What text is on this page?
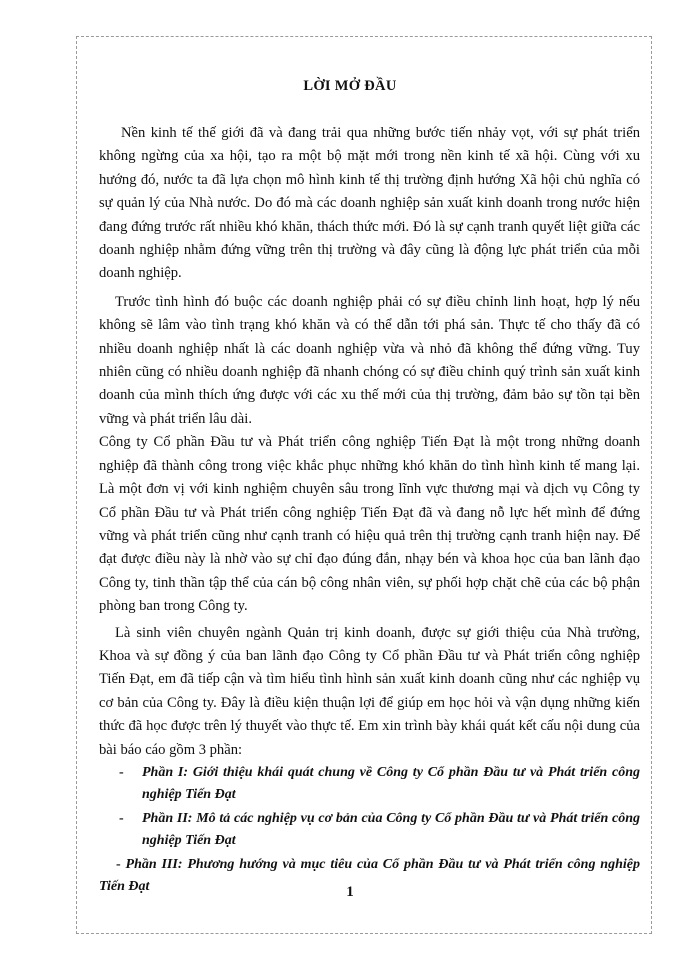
LỜI MỞ ĐẦU

Nền kinh tế thế giới đã và đang trải qua những bước tiến nhảy vọt, với sự phát triển không ngừng của xa hội, tạo ra một bộ mặt mới trong nền kinh tế xã hội. Cùng với xu hướng đó, nước ta đã lựa chọn mô hình kinh tế thị trường định hướng Xã hội chủ nghĩa có sự quản lý của Nhà nước. Do đó mà các doanh nghiệp sản xuất kinh doanh trong nước hiện đang đứng trước rất nhiều khó khăn, thách thức mới. Đó là sự cạnh tranh quyết liệt giữa các doanh nghiệp nhằm đứng vững trên thị trường và đây cũng là động lực phát triển của mỗi doanh nghiệp.

Trước tình hình đó buộc các doanh nghiệp phải có sự điều chỉnh linh hoạt, hợp lý nếu không sẽ lâm vào tình trạng khó khăn và có thể dẫn tới phá sản. Thực tế cho thấy đã có nhiều doanh nghiệp nhất là các doanh nghiệp vừa và nhỏ đã không thể đứng vững. Tuy nhiên cũng có nhiều doanh nghiệp đã nhanh chóng có sự điều chỉnh quý trình sản xuất kinh doanh của mình thích ứng được với các xu thế mới của thị trường, đảm bảo sự tồn tại bền vững và phát triển lâu dài.

Công ty Cổ phần Đầu tư và Phát triển công nghiệp Tiến Đạt là một trong những doanh nghiệp đã thành công trong việc khắc phục những khó khăn do tình hình kinh tế mang lại. Là một đơn vị với kinh nghiệm chuyên sâu trong lĩnh vực thương mại và dịch vụ Công ty Cổ phần Đầu tư và Phát triển công nghiệp Tiến Đạt đã và đang nỗ lực hết mình để đứng vững và phát triển cũng như cạnh tranh có hiệu quả trên thị trường cạnh tranh hiện nay. Để đạt được điều này là nhờ vào sự chỉ đạo đúng đắn, nhạy bén và khoa học của ban lãnh đạo Công ty, tinh thần tập thể của cán bộ công nhân viên, sự phối hợp chặt chẽ của các bộ phận phòng ban trong Công ty.

Là sinh viên chuyên ngành Quản trị kinh doanh, được sự giới thiệu của Nhà trường, Khoa và sự đồng ý của ban lãnh đạo Công ty Cổ phần Đầu tư và Phát triển công nghiệp Tiến Đạt, em đã tiếp cận và tìm hiểu tình hình sản xuất kinh doanh cũng như các nghiệp vụ cơ bản của Công ty. Đây là điều kiện thuận lợi để giúp em học hỏi và vận dụng những kiến thức đã học được trên lý thuyết vào thực tế. Em xin trình bày khái quát kết cấu nội dung của bài báo cáo gồm 3 phần:

- Phần I: Giới thiệu khái quát chung về Công ty Cổ phần Đầu tư và Phát triển công nghiệp Tiến Đạt
- Phần II: Mô tả các nghiệp vụ cơ bản của Công ty Cổ phần Đầu tư và Phát triển công nghiệp Tiến Đạt
- Phần III: Phương hướng và mục tiêu của Cổ phần Đầu tư và Phát triển công nghiệp Tiến Đạt	1
